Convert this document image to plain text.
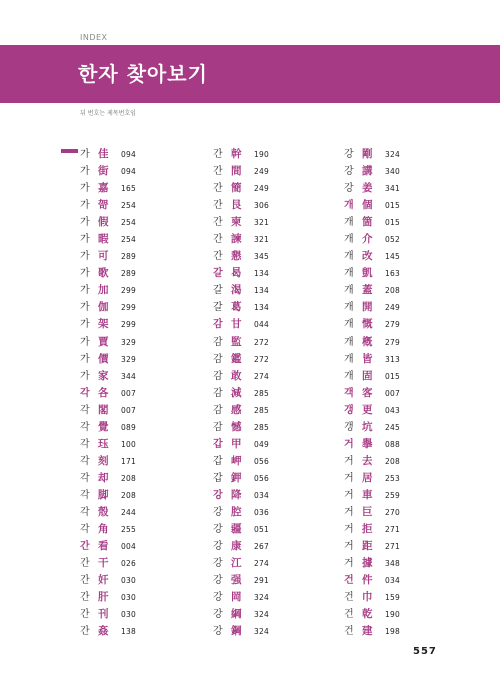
INDEX
한자 찾아보기
뒤 번호는 제목번호임
가 佳 094
가 街 094
가 嘉 165
가 哿 254
가 假 254
가 暇 254
가 可 289
가 歌 289
가 加 299
가 伽 299
가 架 299
가 賈 329
가 價 329
가 家 344
각 各 007
각 閣 007
각 覺 089
각 珏 100
각 刻 171
각 却 208
각 脚 208
각 殼 244
각 角 255
간 看 004
간 干 026
간 奸 030
간 肝 030
간 刊 030
간 姦 138
간 幹 190
간 間 249
간 簡 249
간 艮 306
간 柬 321
간 諫 321
간 懇 345
갈 曷 134
갈 渴 134
갈 葛 134
감 甘 044
감 監 272
감 鑑 272
감 敢 274
감 減 285
감 感 285
감 憾 285
갑 甲 049
갑 岬 056
갑 鉀 056
강 降 034
강 腔 036
강 疆 051
강 康 267
강 江 274
강 强 291
강 岡 324
강 綱 324
강 鋼 324
강 剛 324
강 講 340
강 姜 341
개 個 015
개 箇 015
개 介 052
개 改 145
개 凱 163
개 蓋 208
개 開 249
개 慨 279
개 槪 279
개 皆 313
개 固 015
객 客 007
갱 更 043
갱 坑 245
거 擧 088
거 去 208
거 居 253
거 車 259
거 巨 270
거 拒 271
거 距 271
거 據 348
건 件 034
건 巾 159
건 乾 190
건 建 198
557
